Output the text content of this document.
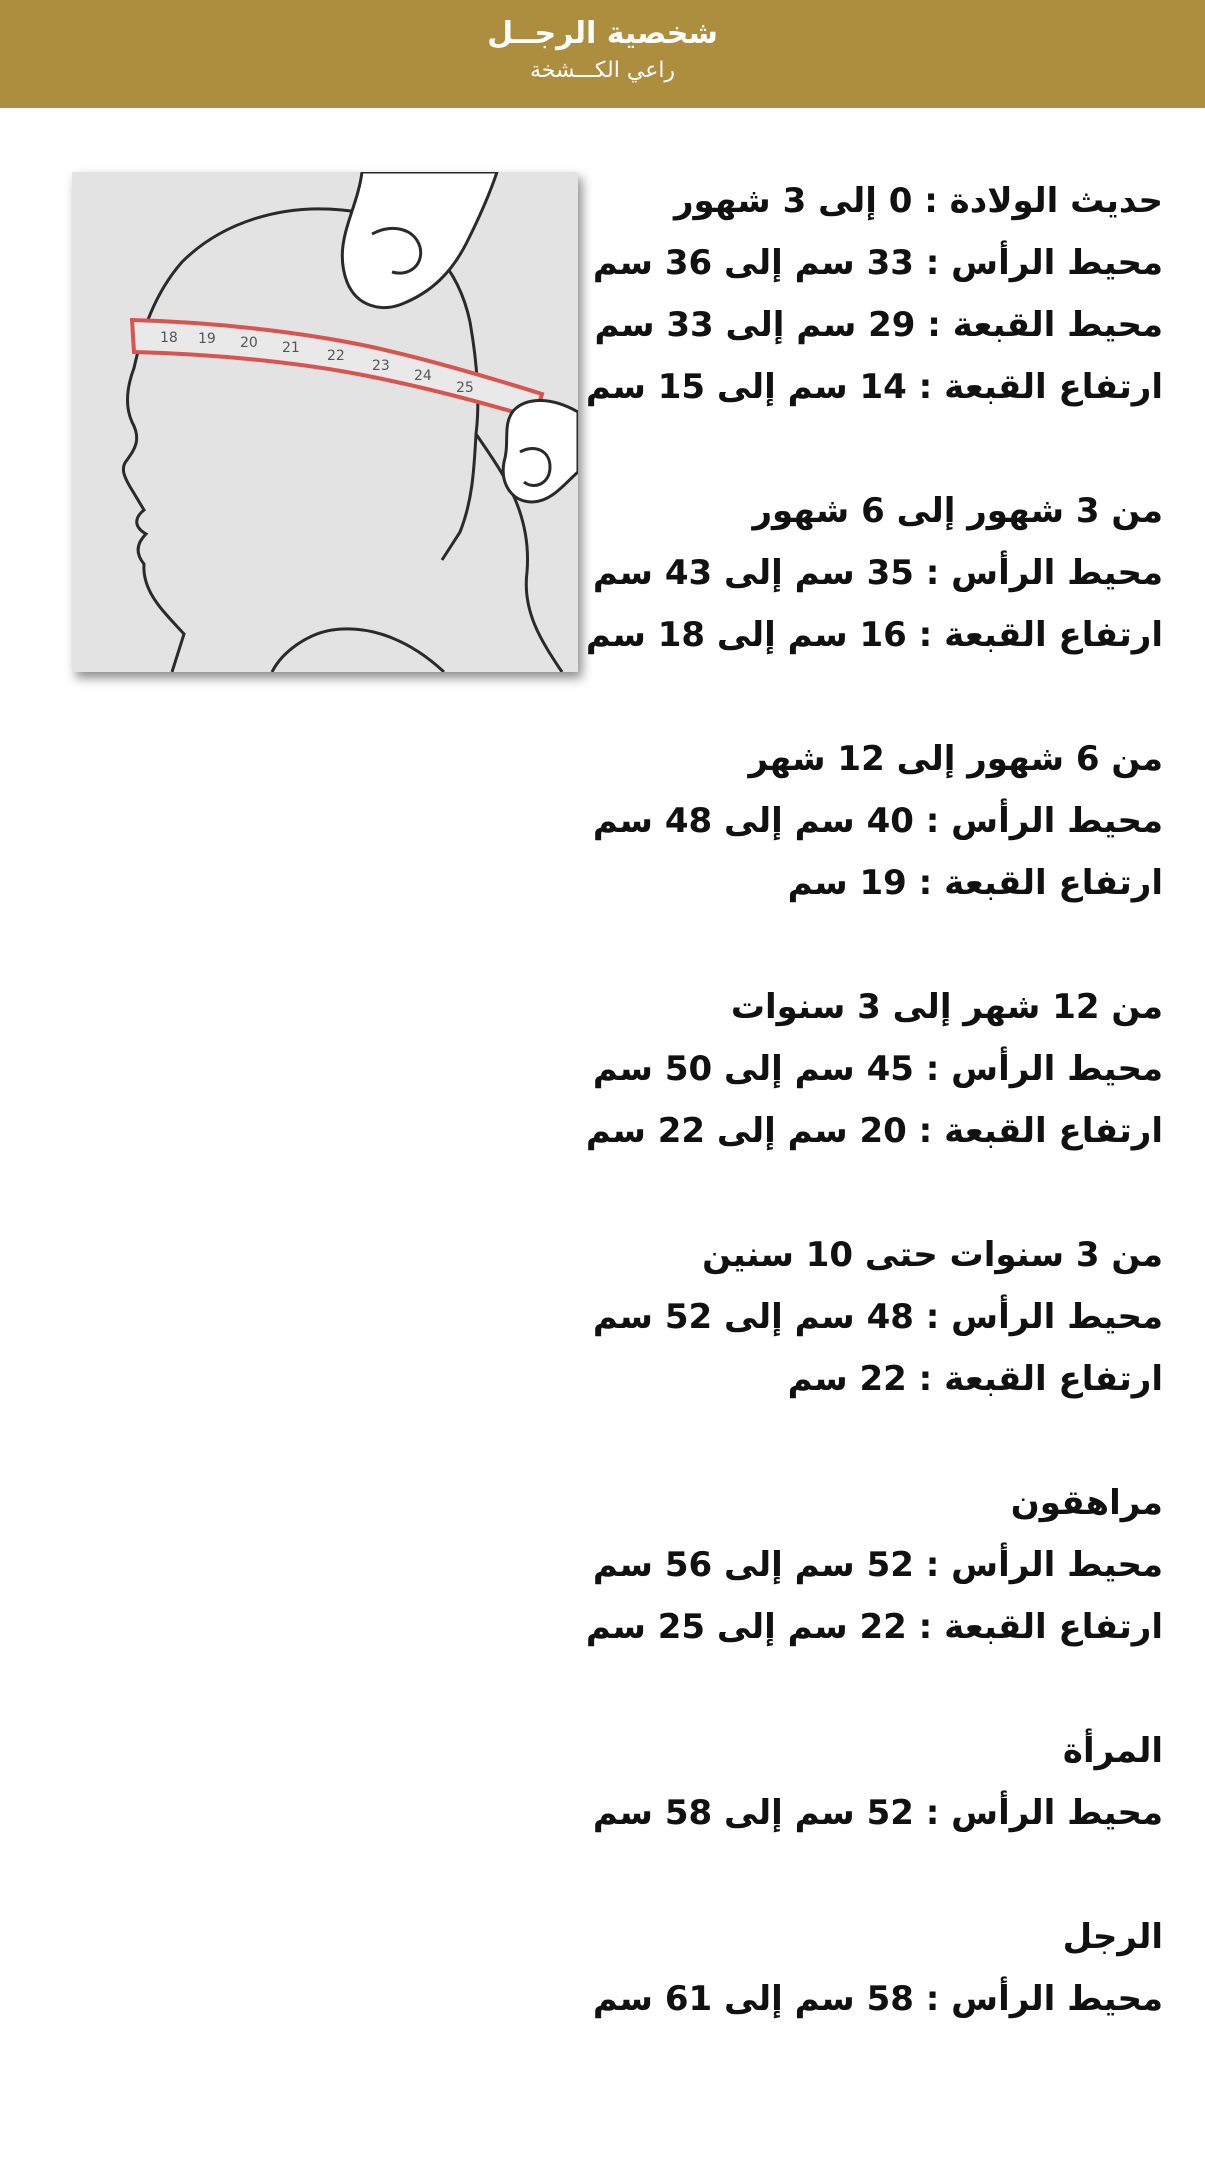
شخصية الرجــل
راعي الكـــشخة
18 19 20 21 22
23
24
25
حديث الولادة : 0 إلى 3 شهور
محيط الرأس : 33 سم إلى 36 سم
محيط القبعة : 29 سم إلى 33 سم
ارتفاع القبعة : 14 سم إلى 15 سم
من 3 شهور إلى 6 شهور
محيط الرأس : 35 سم إلى 43 سم
ارتفاع القبعة : 16 سم إلى 18 سم
من 6 شهور إلى 12 شهر
محيط الرأس : 40 سم إلى 48 سم
ارتفاع القبعة : 19 سم
من 12 شهر إلى 3 سنوات
محيط الرأس : 45 سم إلى 50 سم
ارتفاع القبعة : 20 سم إلى 22 سم
من 3 سنوات حتى 10 سنين
محيط الرأس : 48 سم إلى 52 سم
ارتفاع القبعة : 22 سم
مراهقون
محيط الرأس : 52 سم إلى 56 سم
ارتفاع القبعة : 22 سم إلى 25 سم
المرأة
محيط الرأس : 52 سم إلى 58 سم
الرجل
محيط الرأس : 58 سم إلى 61 سم
